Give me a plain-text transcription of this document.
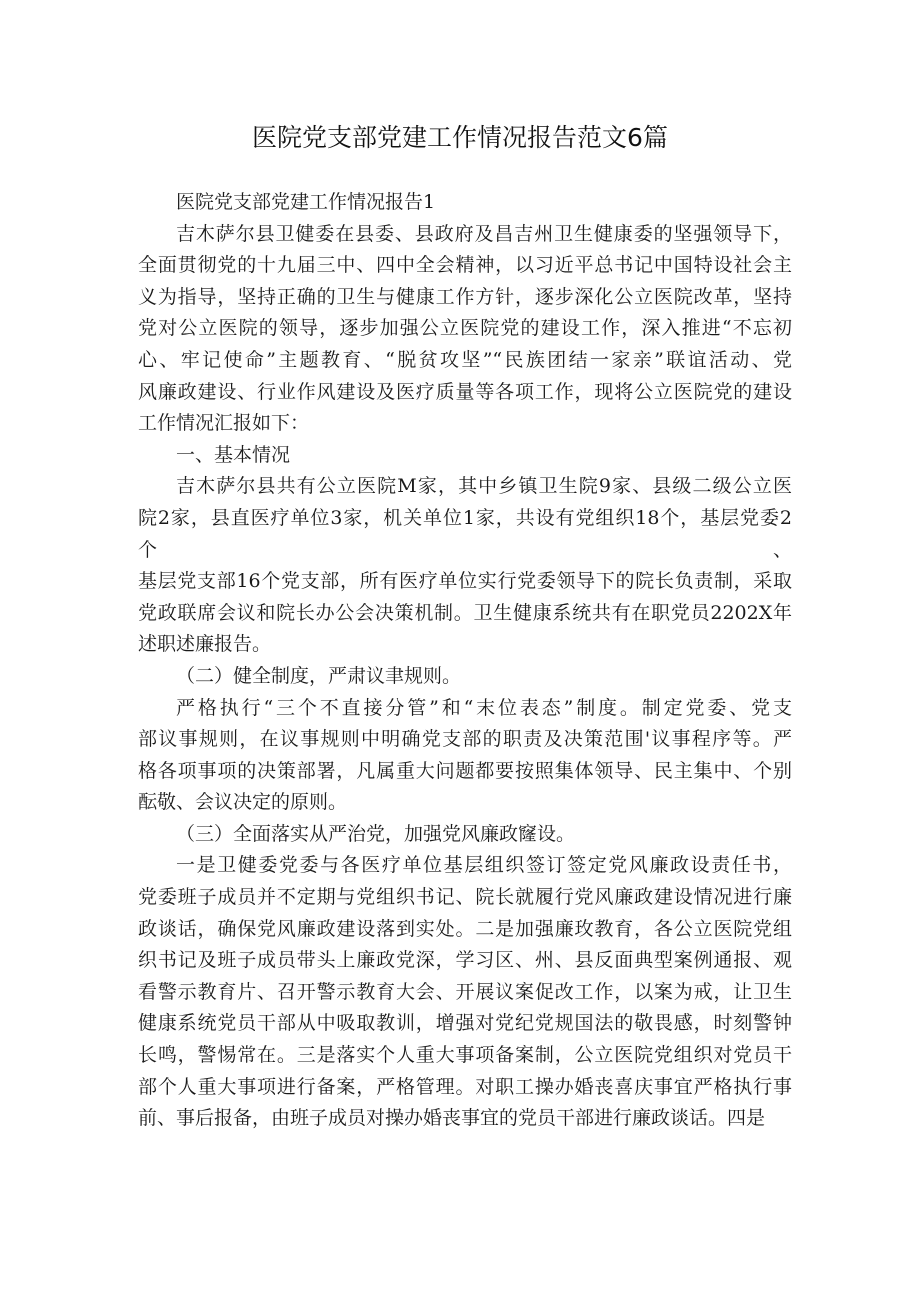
医院党支部党建工作情况报告范文6篇

医院党支部党建工作情况报告1

吉木萨尔县卫健委在县委、县政府及昌吉州卫生健康委的坚强领导下，

全面贯彻党的十九届三中、四中全会精神，以习近平总书记中国特设社会主

义为指导，坚持正确的卫生与健康工作方针，逐步深化公立医院改革，坚持

党对公立医院的领导，逐步加强公立医院党的建设工作，深入推进“不忘初

心、牢记使命”主题教育、“脱贫攻坚”“民族团结一家亲”联谊活动、党

风廉政建设、行业作风建设及医疗质量等各项工作，现将公立医院党的建设

工作情况汇报如下：

一、基本情况

吉木萨尔县共有公立医院M家，其中乡镇卫生院9家、县级二级公立医

院2家，县直医疗单位3家，机关单位1家，共设有党组织18个，基层党委2个、

基层党支部16个党支部，所有医疗单位实行党委领导下的院长负责制，采取

党政联席会议和院长办公会决策机制。卫生健康系统共有在职党员2202X年

述职述廉报告。

（二）健全制度，严肃议聿规则。

严格执行“三个不直接分管”和“末位表态”制度。制定党委、党支

部议事规则，在议事规则中明确党支部的职责及决策范围'议事程序等。严

格各项事项的决策部署，凡属重大问题都要按照集体领导、民主集中、个别

酝敬、会议决定的原则。

（三）全面落实从严治党，加强党风廉政窿设。

一是卫健委党委与各医疗单位基层组织签订签定党风廉政设责任书，

党委班子成员并不定期与党组织书记、院长就履行党风廉政建设情况进行廉

政谈话，确保党风廉政建设落到实处。二是加强廉玫教育，各公立医院党组

织书记及班子成员带头上廉政党深，学习区、州、县反面典型案例通报、观

看警示教育片、召开警示教育大会、开展议案促改工作，以案为戒，让卫生

健康系统党员干部从中吸取教训，增强对党纪党规国法的敬畏感，时刻警钟

长鸣，警惕常在。三是落实个人重大事项备案制，公立医院党组织对党员干

部个人重大事项进行备案，严格管理。对职工操办婚丧喜庆事宜严格执行事

前、事后报备，由班子成员对操办婚丧事宜的党员干部进行廉政谈话。四是
